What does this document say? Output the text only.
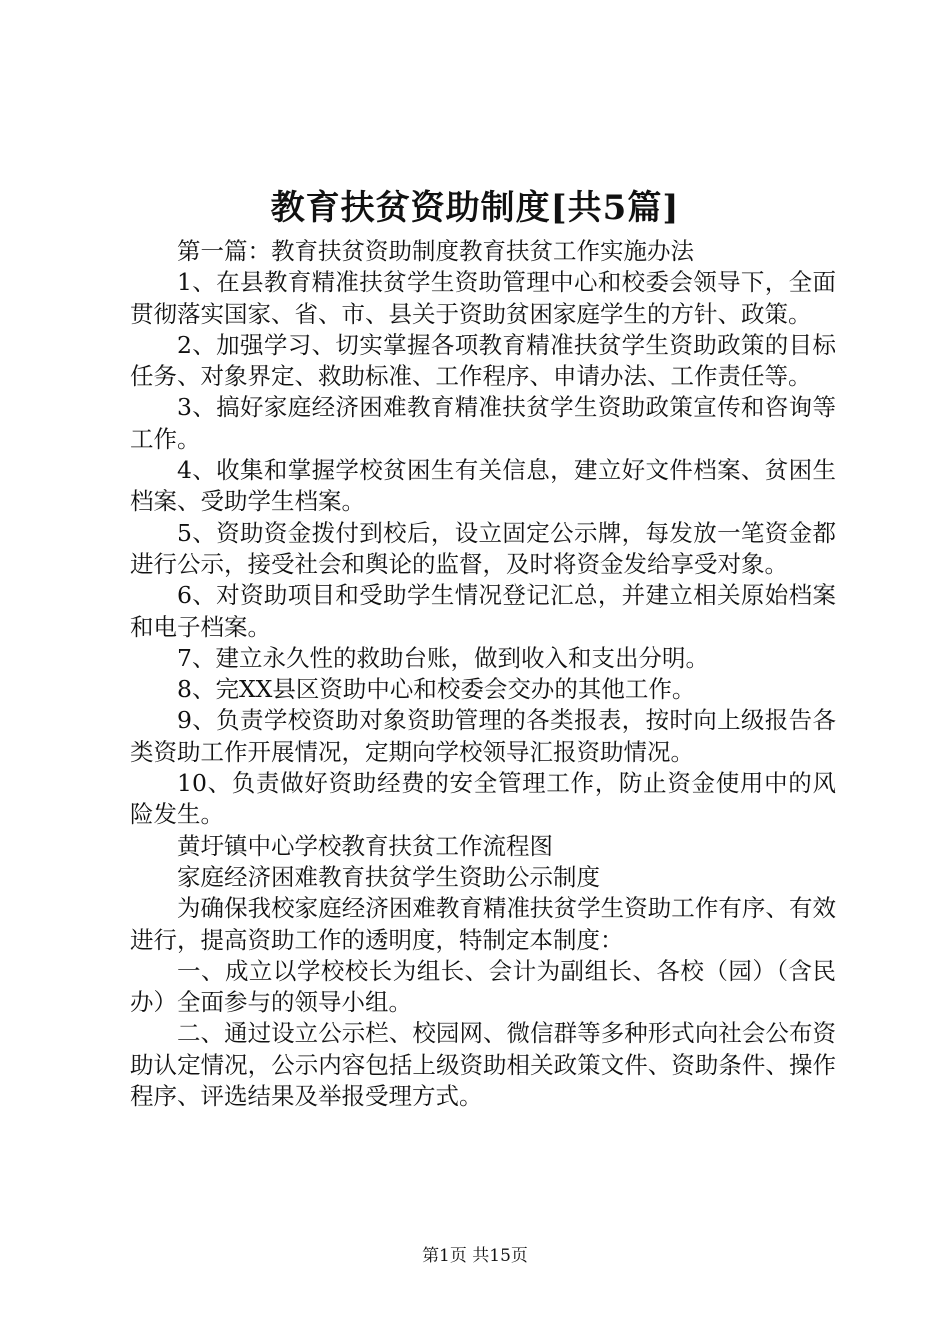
教育扶贫资助制度[共5篇]

第一篇：教育扶贫资助制度教育扶贫工作实施办法

1、在县教育精准扶贫学生资助管理中心和校委会领导下，全面贯彻落实国家、省、市、县关于资助贫困家庭学生的方针、政策。

2、加强学习、切实掌握各项教育精准扶贫学生资助政策的目标任务、对象界定、救助标准、工作程序、申请办法、工作责任等。

3、搞好家庭经济困难教育精准扶贫学生资助政策宣传和咨询等工作。

4、收集和掌握学校贫困生有关信息，建立好文件档案、贫困生档案、受助学生档案。

5、资助资金拨付到校后，设立固定公示牌，每发放一笔资金都进行公示，接受社会和舆论的监督，及时将资金发给享受对象。

6、对资助项目和受助学生情况登记汇总，并建立相关原始档案和电子档案。

7、建立永久性的救助台账，做到收入和支出分明。

8、完XX县区资助中心和校委会交办的其他工作。

9、负责学校资助对象资助管理的各类报表，按时向上级报告各类资助工作开展情况，定期向学校领导汇报资助情况。

10、负责做好资助经费的安全管理工作，防止资金使用中的风险发生。

黄圩镇中心学校教育扶贫工作流程图

家庭经济困难教育扶贫学生资助公示制度

为确保我校家庭经济困难教育精准扶贫学生资助工作有序、有效进行，提高资助工作的透明度，特制定本制度：

一、成立以学校校长为组长、会计为副组长、各校（园）（含民办）全面参与的领导小组。

二、通过设立公示栏、校园网、微信群等多种形式向社会公布资助认定情况，公示内容包括上级资助相关政策文件、资助条件、操作程序、评选结果及举报受理方式。

第1页 共15页
